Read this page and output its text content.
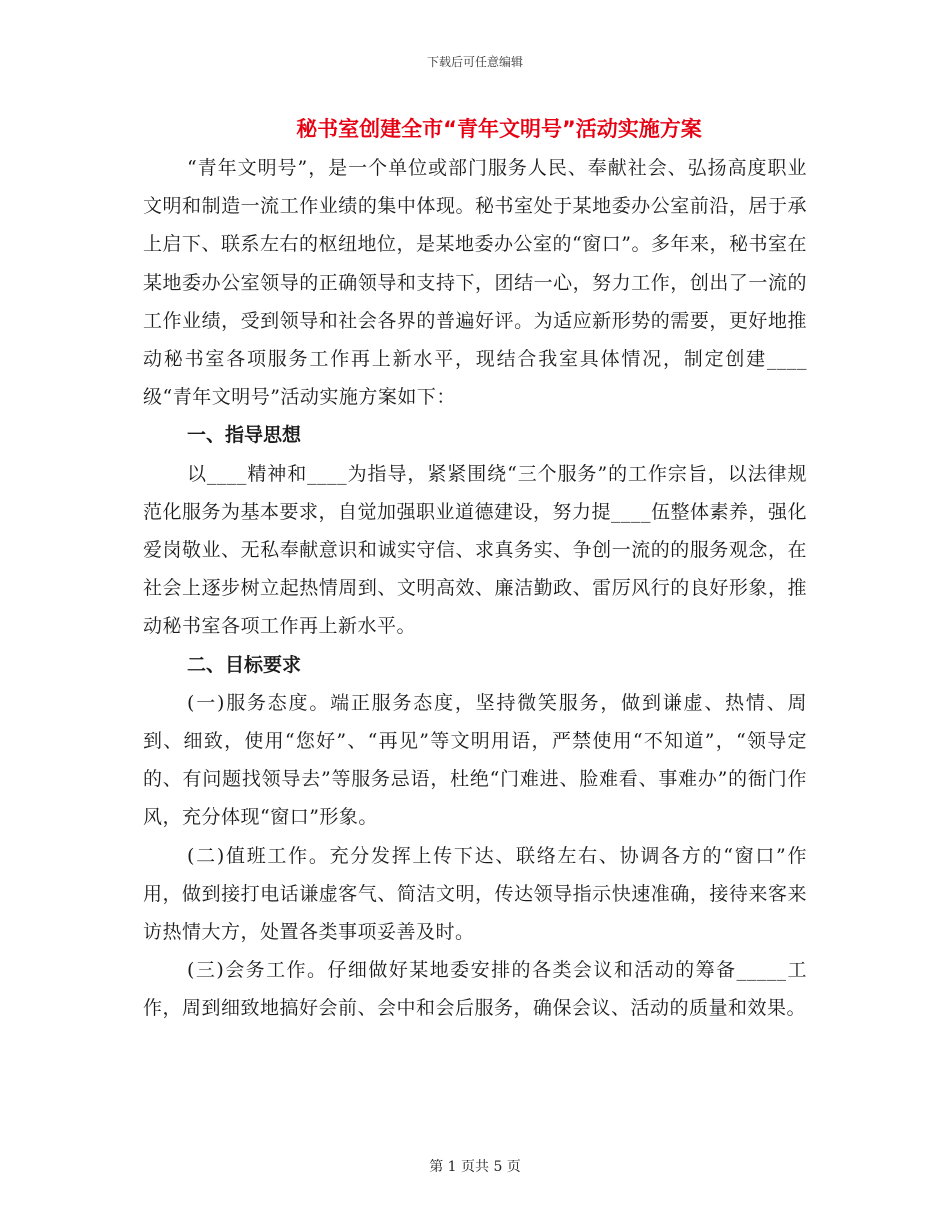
下载后可任意编辑
秘书室创建全市“青年文明号”活动实施方案

“青年文明号”，是一个单位或部门服务人民、奉献社会、弘扬高度职业文明和制造一流工作业绩的集中体现。秘书室处于某地委办公室前沿，居于承上启下、联系左右的枢纽地位，是某地委办公室的“窗口”。多年来，秘书室在某地委办公室领导的正确领导和支持下，团结一心，努力工作，创出了一流的工作业绩，受到领导和社会各界的普遍好评。为适应新形势的需要，更好地推动秘书室各项服务工作再上新水平，现结合我室具体情况，制定创建____级“青年文明号”活动实施方案如下：

一、指导思想

以____精神和____为指导，紧紧围绕“三个服务”的工作宗旨，以法律规范化服务为基本要求，自觉加强职业道德建设，努力提____伍整体素养，强化爱岗敬业、无私奉献意识和诚实守信、求真务实、争创一流的的服务观念，在社会上逐步树立起热情周到、文明高效、廉洁勤政、雷厉风行的良好形象，推动秘书室各项工作再上新水平。

二、目标要求

(一)服务态度。端正服务态度，坚持微笑服务，做到谦虚、热情、周到、细致，使用“您好”、“再见”等文明用语，严禁使用“不知道”，“领导定的、有问题找领导去”等服务忌语，杜绝“门难进、脸难看、事难办”的衙门作风，充分体现“窗口”形象。

(二)值班工作。充分发挥上传下达、联络左右、协调各方的“窗口”作用，做到接打电话谦虚客气、简洁文明，传达领导指示快速准确，接待来客来访热情大方，处置各类事项妥善及时。

(三)会务工作。仔细做好某地委安排的各类会议和活动的筹备_____工作，周到细致地搞好会前、会中和会后服务，确保会议、活动的质量和效果。

第 1 页共 5 页
